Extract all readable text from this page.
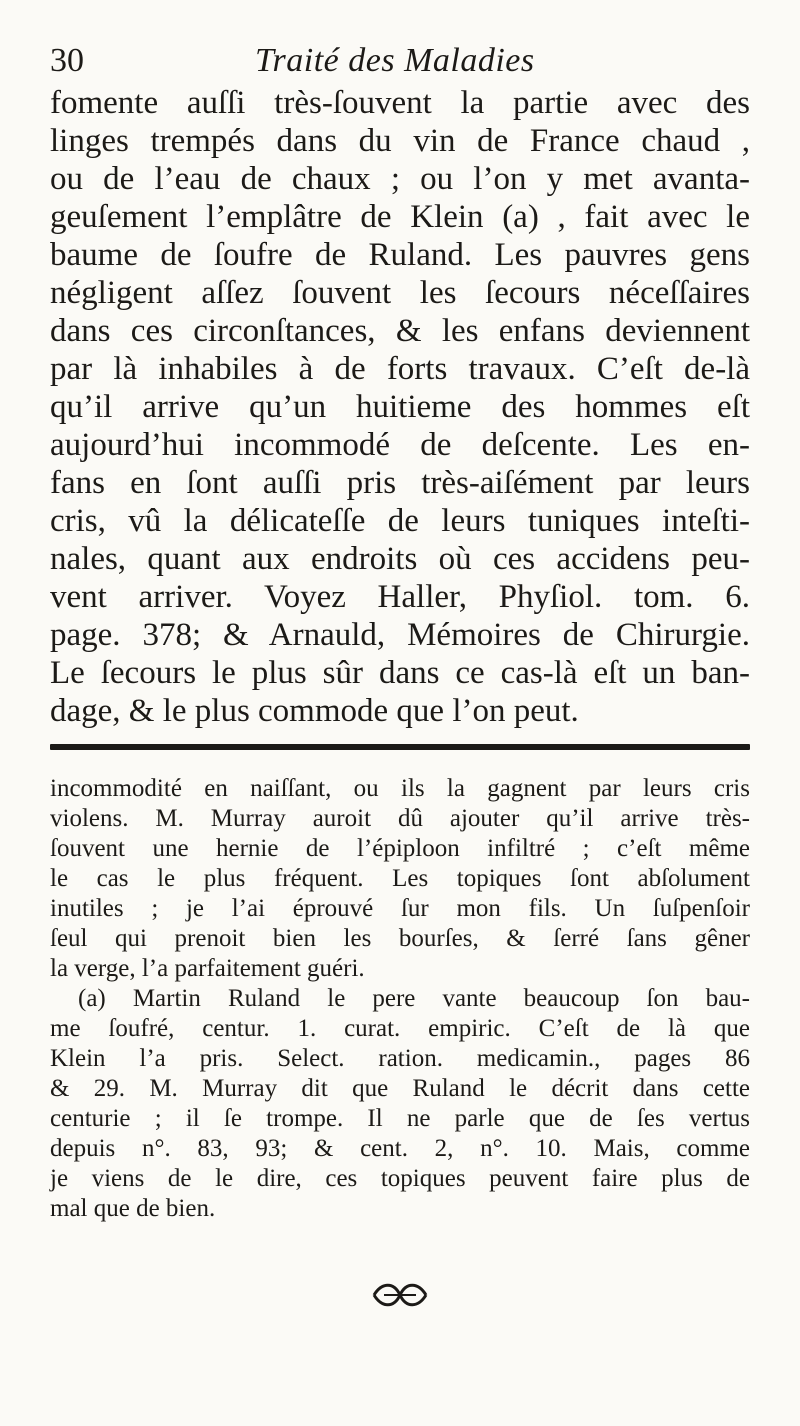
30	Traité des Maladies
fomente auſſi très-ſouvent la partie avec des
linges trempés dans du vin de France chaud ,
ou de l’eau de chaux ; ou l’on y met avanta-
geuſement l’emplâtre de Klein (a) , fait avec le
baume de ſoufre de Ruland. Les pauvres gens
négligent aſſez ſouvent les ſecours néceſſaires
dans ces circonſtances, & les enfans deviennent
par là inhabiles à de forts travaux. C’eſt de-là
qu’il arrive qu’un huitieme des hommes eſt
aujourd’hui incommodé de deſcente. Les en-
fans en ſont auſſi pris très-aiſément par leurs
cris, vû la délicateſſe de leurs tuniques inteſti-
nales, quant aux endroits où ces accidens peu-
vent arriver. Voyez Haller, Phyſiol. tom. 6.
page. 378; & Arnauld, Mémoires de Chirurgie.
Le ſecours le plus sûr dans ce cas-là eſt un ban-
dage, & le plus commode que l’on peut.
incommodité en naiſſant, ou ils la gagnent par leurs cris
violens. M. Murray auroit dû ajouter qu’il arrive très-
ſouvent une hernie de l’épiploon infiltré ; c’eſt même
le cas le plus fréquent. Les topiques ſont abſolument
inutiles ; je l’ai éprouvé ſur mon fils. Un ſuſpenſoir
ſeul qui prenoit bien les bourſes, & ſerré ſans gêner
la verge, l’a parfaitement guéri.
(a) Martin Ruland le pere vante beaucoup ſon bau-
me ſoufré, centur. 1. curat. empiric. C’eſt de là que
Klein l’a pris. Select. ration. medicamin., pages 86
& 29. M. Murray dit que Ruland le décrit dans cette
centurie ; il ſe trompe. Il ne parle que de ſes vertus
depuis n°. 83, 93; & cent. 2, n°. 10. Mais, comme
je viens de le dire, ces topiques peuvent faire plus de
mal que de bien.
